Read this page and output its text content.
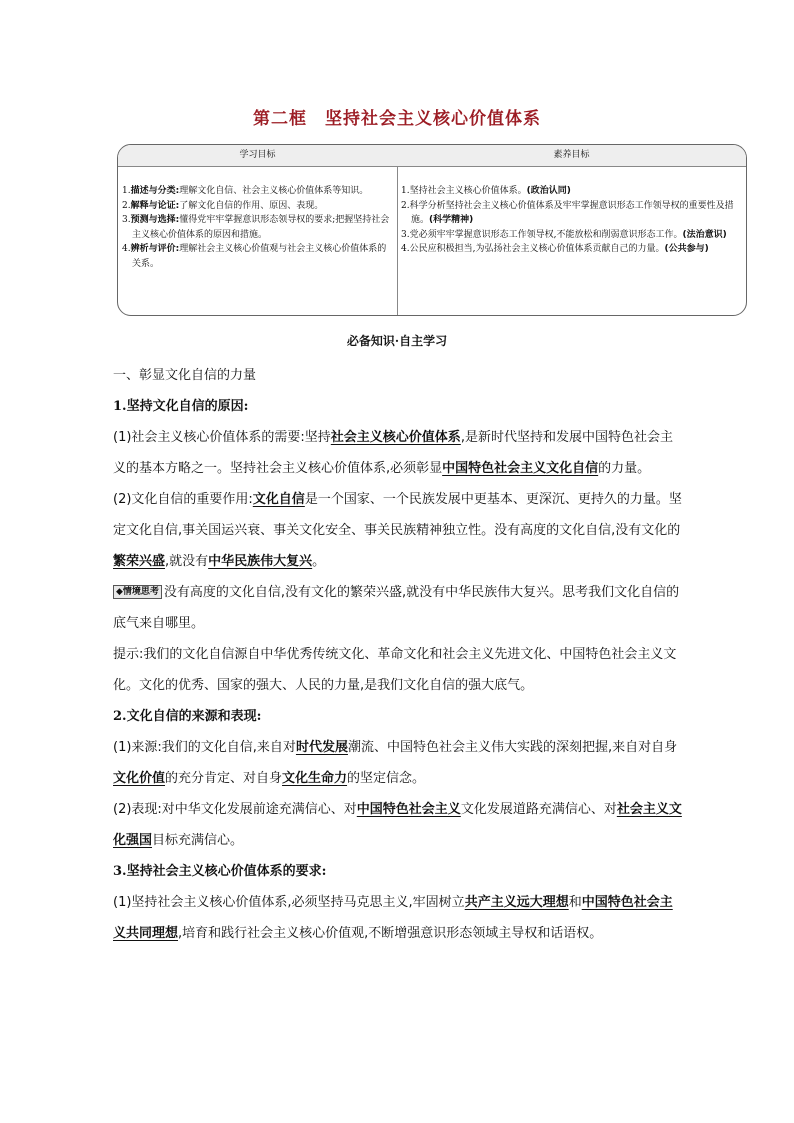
第二框　坚持社会主义核心价值体系
学习目标
1.描述与分类:理解文化自信、社会主义核心价值体系等知识。
2.解释与论证:了解文化自信的作用、原因、表现。
3.预测与选择:懂得党牢牢掌握意识形态领导权的要求;把握坚持社会主义核心价值体系的原因和措施。
4.辨析与评价:理解社会主义核心价值观与社会主义核心价值体系的关系。
素养目标
1.坚持社会主义核心价值体系。(政治认同)
2.科学分析坚持社会主义核心价值体系及牢牢掌握意识形态工作领导权的重要性及措施。(科学精神)
3.党必须牢牢掌握意识形态工作领导权,不能放松和削弱意识形态工作。(法治意识)
4.公民应积极担当,为弘扬社会主义核心价值体系贡献自己的力量。(公共参与)
必备知识·自主学习

一、彰显文化自信的力量

1.坚持文化自信的原因:

(1)社会主义核心价值体系的需要:坚持社会主义核心价值体系,是新时代坚持和发展中国特色社会主义的基本方略之一。坚持社会主义核心价值体系,必须彰显中国特色社会主义文化自信的力量。

(2)文化自信的重要作用:文化自信是一个国家、一个民族发展中更基本、更深沉、更持久的力量。坚定文化自信,事关国运兴衰、事关文化安全、事关民族精神独立性。没有高度的文化自信,没有文化的繁荣兴盛,就没有中华民族伟大复兴。

◆情境思考 没有高度的文化自信,没有文化的繁荣兴盛,就没有中华民族伟大复兴。思考我们文化自信的底气来自哪里。

提示:我们的文化自信源自中华优秀传统文化、革命文化和社会主义先进文化、中国特色社会主义文化。文化的优秀、国家的强大、人民的力量,是我们文化自信的强大底气。

2.文化自信的来源和表现:

(1)来源:我们的文化自信,来自对时代发展潮流、中国特色社会主义伟大实践的深刻把握,来自对自身文化价值的充分肯定、对自身文化生命力的坚定信念。

(2)表现:对中华文化发展前途充满信心、对中国特色社会主义文化发展道路充满信心、对社会主义文化强国目标充满信心。

3.坚持社会主义核心价值体系的要求:

(1)坚持社会主义核心价值体系,必须坚持马克思主义,牢固树立共产主义远大理想和中国特色社会主义共同理想,培育和践行社会主义核心价值观,不断增强意识形态领域主导权和话语权。
